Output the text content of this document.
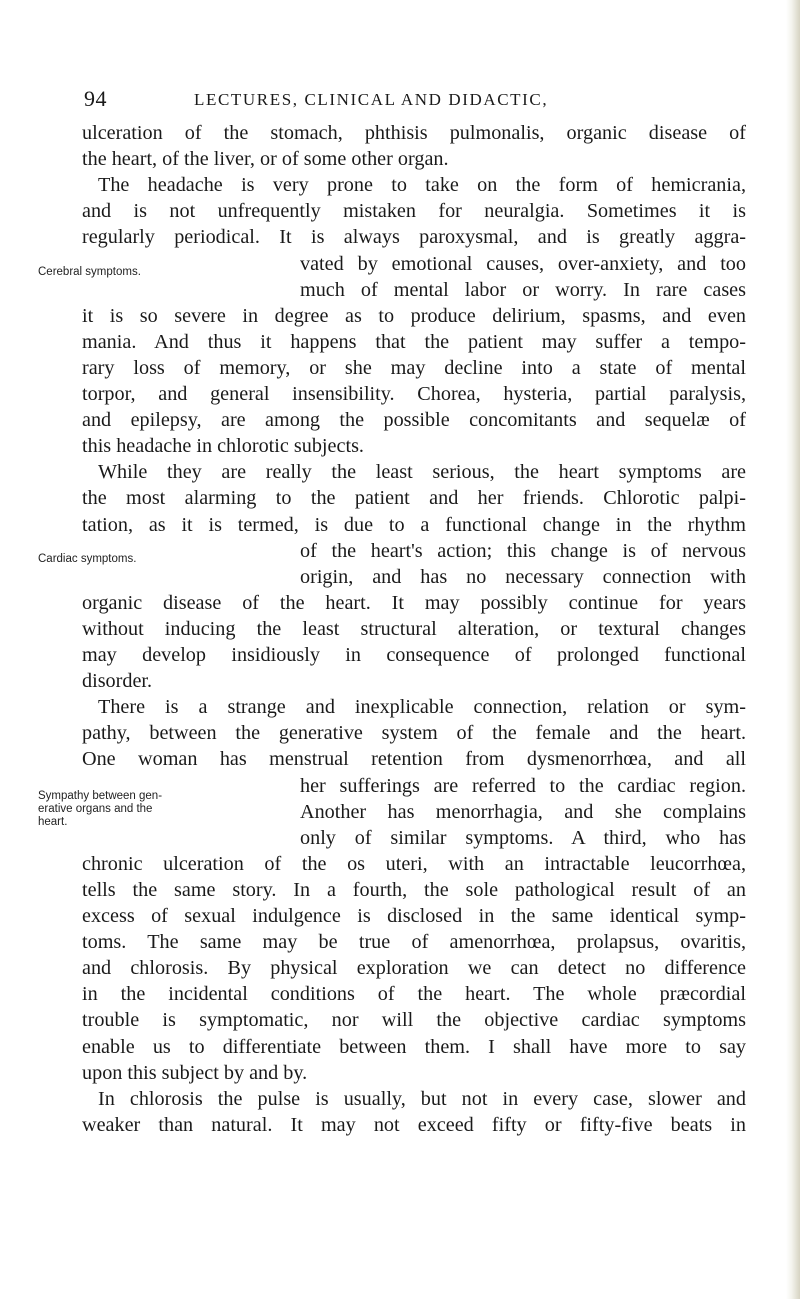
94	LECTURES, CLINICAL AND DIDACTIC,
Cerebral symptoms.
Cardiac symptoms.
Sympathy between gen-
erative organs and the
heart.
ulceration of the stomach, phthisis pulmonalis, organic disease of
the heart, of the liver, or of some other organ.
The headache is very prone to take on the form of hemicrania,
and is not unfrequently mistaken for neuralgia. Sometimes it is
regularly periodical. It is always paroxysmal, and is greatly aggra-
vated by emotional causes, over-anxiety, and too
much of mental labor or worry. In rare cases
it is so severe in degree as to produce delirium, spasms, and even
mania. And thus it happens that the patient may suffer a tempo-
rary loss of memory, or she may decline into a state of mental
torpor, and general insensibility. Chorea, hysteria, partial paralysis,
and epilepsy, are among the possible concomitants and sequelæ of
this headache in chlorotic subjects.
While they are really the least serious, the heart symptoms are
the most alarming to the patient and her friends. Chlorotic palpi-
tation, as it is termed, is due to a functional change in the rhythm
of the heart's action; this change is of nervous
origin, and has no necessary connection with
organic disease of the heart. It may possibly continue for years
without inducing the least structural alteration, or textural changes
may develop insidiously in consequence of prolonged functional
disorder.
There is a strange and inexplicable connection, relation or sym-
pathy, between the generative system of the female and the heart.
One woman has menstrual retention from dysmenorrhœa, and all
her sufferings are referred to the cardiac region.
Another has menorrhagia, and she complains
only of similar symptoms. A third, who has
chronic ulceration of the os uteri, with an intractable leucorrhœa,
tells the same story. In a fourth, the sole pathological result of an
excess of sexual indulgence is disclosed in the same identical symp-
toms. The same may be true of amenorrhœa, prolapsus, ovaritis,
and chlorosis. By physical exploration we can detect no difference
in the incidental conditions of the heart. The whole præcordial
trouble is symptomatic, nor will the objective cardiac symptoms
enable us to differentiate between them. I shall have more to say
upon this subject by and by.
In chlorosis the pulse is usually, but not in every case, slower and
weaker than natural. It may not exceed fifty or fifty-five beats in
